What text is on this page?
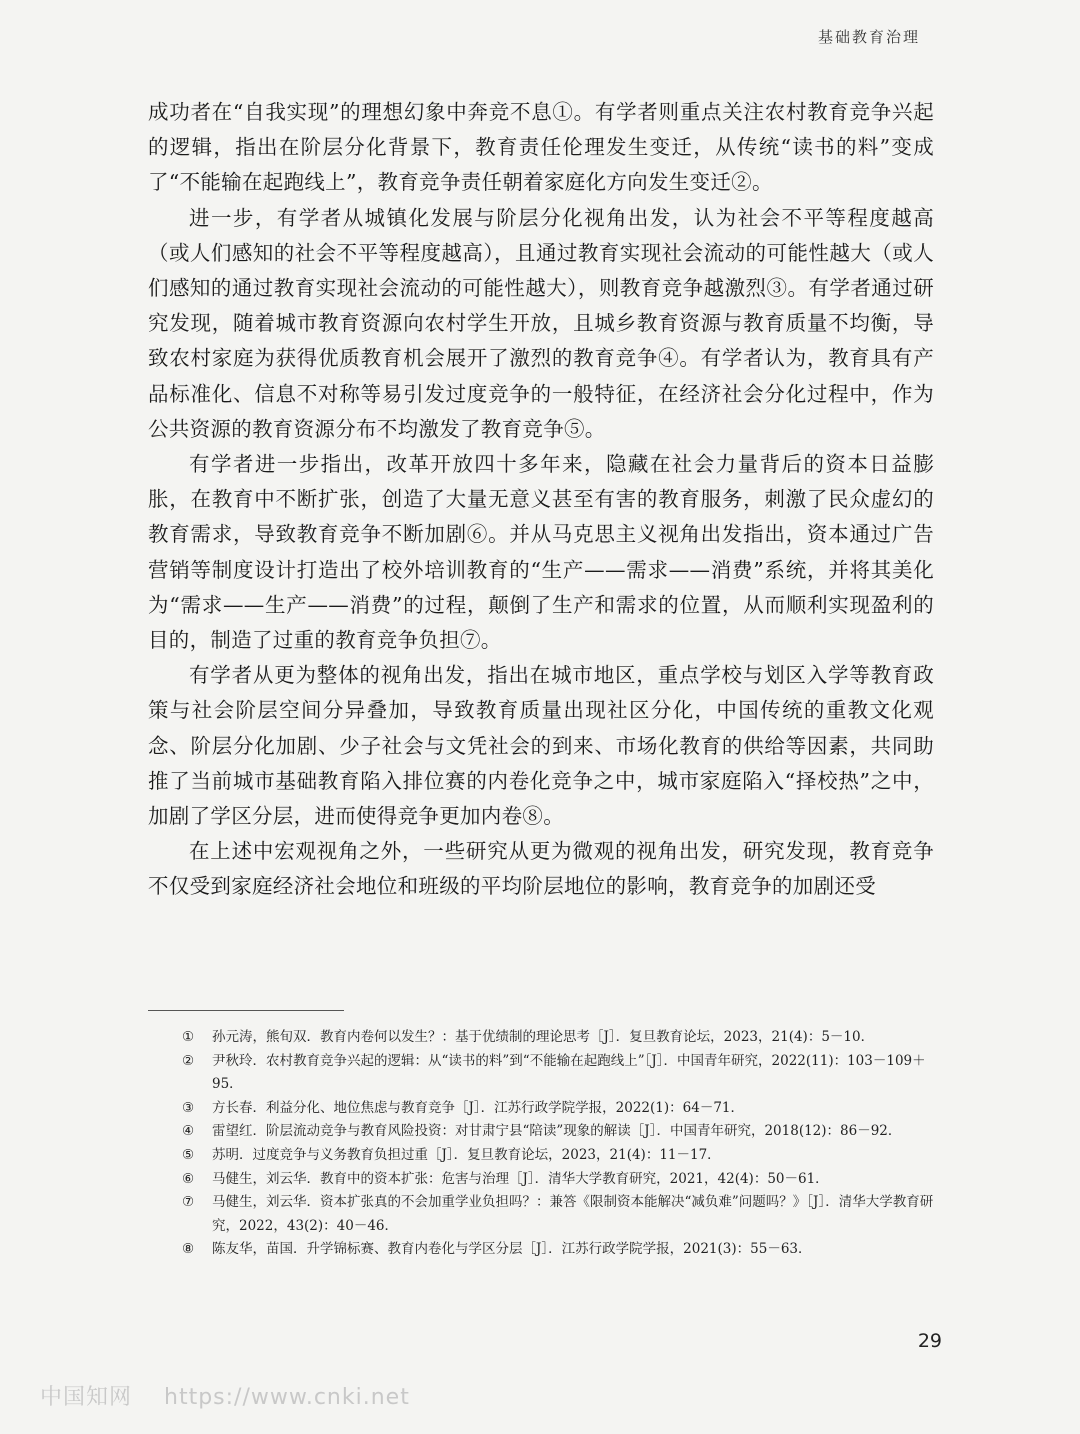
基础教育治理

成功者在“自我实现”的理想幻象中奔竞不息①。有学者则重点关注农村教育竞争兴起的逻辑，指出在阶层分化背景下，教育责任伦理发生变迁，从传统“读书的料”变成了“不能输在起跑线上”，教育竞争责任朝着家庭化方向发生变迁②。

进一步，有学者从城镇化发展与阶层分化视角出发，认为社会不平等程度越高（或人们感知的社会不平等程度越高），且通过教育实现社会流动的可能性越大（或人们感知的通过教育实现社会流动的可能性越大），则教育竞争越激烈③。有学者通过研究发现，随着城市教育资源向农村学生开放，且城乡教育资源与教育质量不均衡，导致农村家庭为获得优质教育机会展开了激烈的教育竞争④。有学者认为，教育具有产品标准化、信息不对称等易引发过度竞争的一般特征，在经济社会分化过程中，作为公共资源的教育资源分布不均激发了教育竞争⑤。

有学者进一步指出，改革开放四十多年来，隐藏在社会力量背后的资本日益膨胀，在教育中不断扩张，创造了大量无意义甚至有害的教育服务，刺激了民众虚幻的教育需求，导致教育竞争不断加剧⑥。并从马克思主义视角出发指出，资本通过广告营销等制度设计打造出了校外培训教育的“生产——需求——消费”系统，并将其美化为“需求——生产——消费”的过程，颠倒了生产和需求的位置，从而顺利实现盈利的目的，制造了过重的教育竞争负担⑦。

有学者从更为整体的视角出发，指出在城市地区，重点学校与划区入学等教育政策与社会阶层空间分异叠加，导致教育质量出现社区分化，中国传统的重教文化观念、阶层分化加剧、少子社会与文凭社会的到来、市场化教育的供给等因素，共同助推了当前城市基础教育陷入排位赛的内卷化竞争之中，城市家庭陷入“择校热”之中，加剧了学区分层，进而使得竞争更加内卷⑧。

在上述中宏观视角之外，一些研究从更为微观的视角出发，研究发现，教育竞争不仅受到家庭经济社会地位和班级的平均阶层地位的影响，教育竞争的加剧还受

① 孙元涛，熊旬双．教育内卷何以发生？：基于优绩制的理论思考［J］．复旦教育论坛，2023，21(4)：5－10．

② 尹秋玲．农村教育竞争兴起的逻辑：从“读书的料”到“不能输在起跑线上”［J］．中国青年研究，2022(11)：103－109＋95．

③ 方长春．利益分化、地位焦虑与教育竞争［J］．江苏行政学院学报，2022(1)：64－71．

④ 雷望红．阶层流动竞争与教育风险投资：对甘肃宁县“陪读”现象的解读［J］．中国青年研究，2018(12)：86－92．

⑤ 苏明．过度竞争与义务教育负担过重［J］．复旦教育论坛，2023，21(4)：11－17．

⑥ 马健生，刘云华．教育中的资本扩张：危害与治理［J］．清华大学教育研究，2021，42(4)：50－61．

⑦ 马健生，刘云华．资本扩张真的不会加重学业负担吗？：兼答《限制资本能解决“减负难”问题吗？》［J］．清华大学教育研究，2022，43(2)：40－46．

⑧ 陈友华，苗国．升学锦标赛、教育内卷化与学区分层［J］．江苏行政学院学报，2021(3)：55－63．

29
中国知网 https://www.cnki.net
